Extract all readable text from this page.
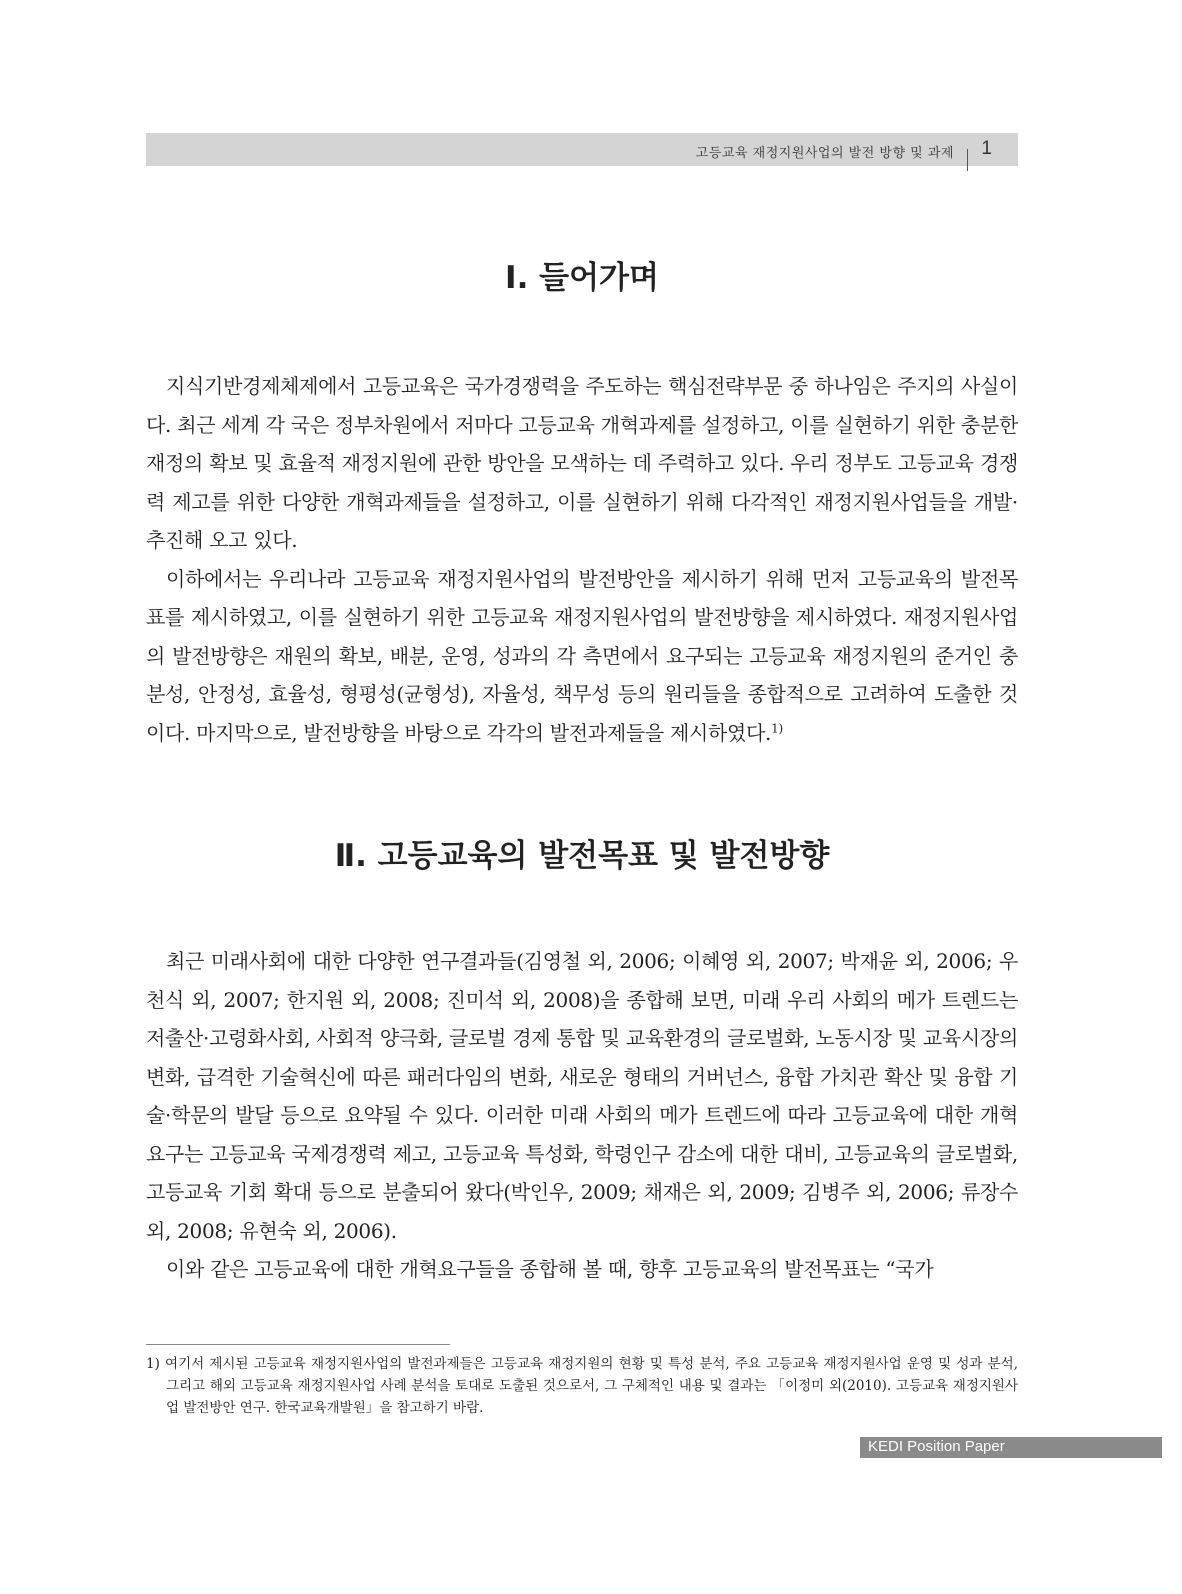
고등교육 재정지원사업의 발전 방향 및 과제 1
Ⅰ. 들어가며

지식기반경제체제에서 고등교육은 국가경쟁력을 주도하는 핵심전략부문 중 하나임은 주지의 사실이다. 최근 세계 각 국은 정부차원에서 저마다 고등교육 개혁과제를 설정하고, 이를 실현하기 위한 충분한 재정의 확보 및 효율적 재정지원에 관한 방안을 모색하는 데 주력하고 있다. 우리 정부도 고등교육 경쟁력 제고를 위한 다양한 개혁과제들을 설정하고, 이를 실현하기 위해 다각적인 재정지원사업들을 개발·추진해 오고 있다.

이하에서는 우리나라 고등교육 재정지원사업의 발전방안을 제시하기 위해 먼저 고등교육의 발전목표를 제시하였고, 이를 실현하기 위한 고등교육 재정지원사업의 발전방향을 제시하였다. 재정지원사업의 발전방향은 재원의 확보, 배분, 운영, 성과의 각 측면에서 요구되는 고등교육 재정지원의 준거인 충분성, 안정성, 효율성, 형평성(균형성), 자율성, 책무성 등의 원리들을 종합적으로 고려하여 도출한 것이다. 마지막으로, 발전방향을 바탕으로 각각의 발전과제들을 제시하였다.$^{1)}$

Ⅱ. 고등교육의 발전목표 및 발전방향

최근 미래사회에 대한 다양한 연구결과들(김영철 외, 2006; 이혜영 외, 2007; 박재윤 외, 2006; 우천식 외, 2007; 한지원 외, 2008; 진미석 외, 2008)을 종합해 보면, 미래 우리 사회의 메가 트렌드는 저출산·고령화사회, 사회적 양극화, 글로벌 경제 통합 및 교육환경의 글로벌화, 노동시장 및 교육시장의 변화, 급격한 기술혁신에 따른 패러다임의 변화, 새로운 형태의 거버넌스, 융합 가치관 확산 및 융합 기술·학문의 발달 등으로 요약될 수 있다. 이러한 미래 사회의 메가 트렌드에 따라 고등교육에 대한 개혁요구는 고등교육 국제경쟁력 제고, 고등교육 특성화, 학령인구 감소에 대한 대비, 고등교육의 글로벌화, 고등교육 기회 확대 등으로 분출되어 왔다(박인우, 2009; 채재은 외, 2009; 김병주 외, 2006; 류장수 외, 2008; 유현숙 외, 2006).

이와 같은 고등교육에 대한 개혁요구들을 종합해 볼 때, 향후 고등교육의 발전목표는 “국가

1) 여기서 제시된 고등교육 재정지원사업의 발전과제들은 고등교육 재정지원의 현황 및 특성 분석, 주요 고등교육 재정지원사업 운영 및 성과 분석, 그리고 해외 고등교육 재정지원사업 사례 분석을 토대로 도출된 것으로서, 그 구체적인 내용 및 결과는 「이정미 외(2010). 고등교육 재정지원사업 발전방안 연구. 한국교육개발원」을 참고하기 바람.
KEDI Position Paper
